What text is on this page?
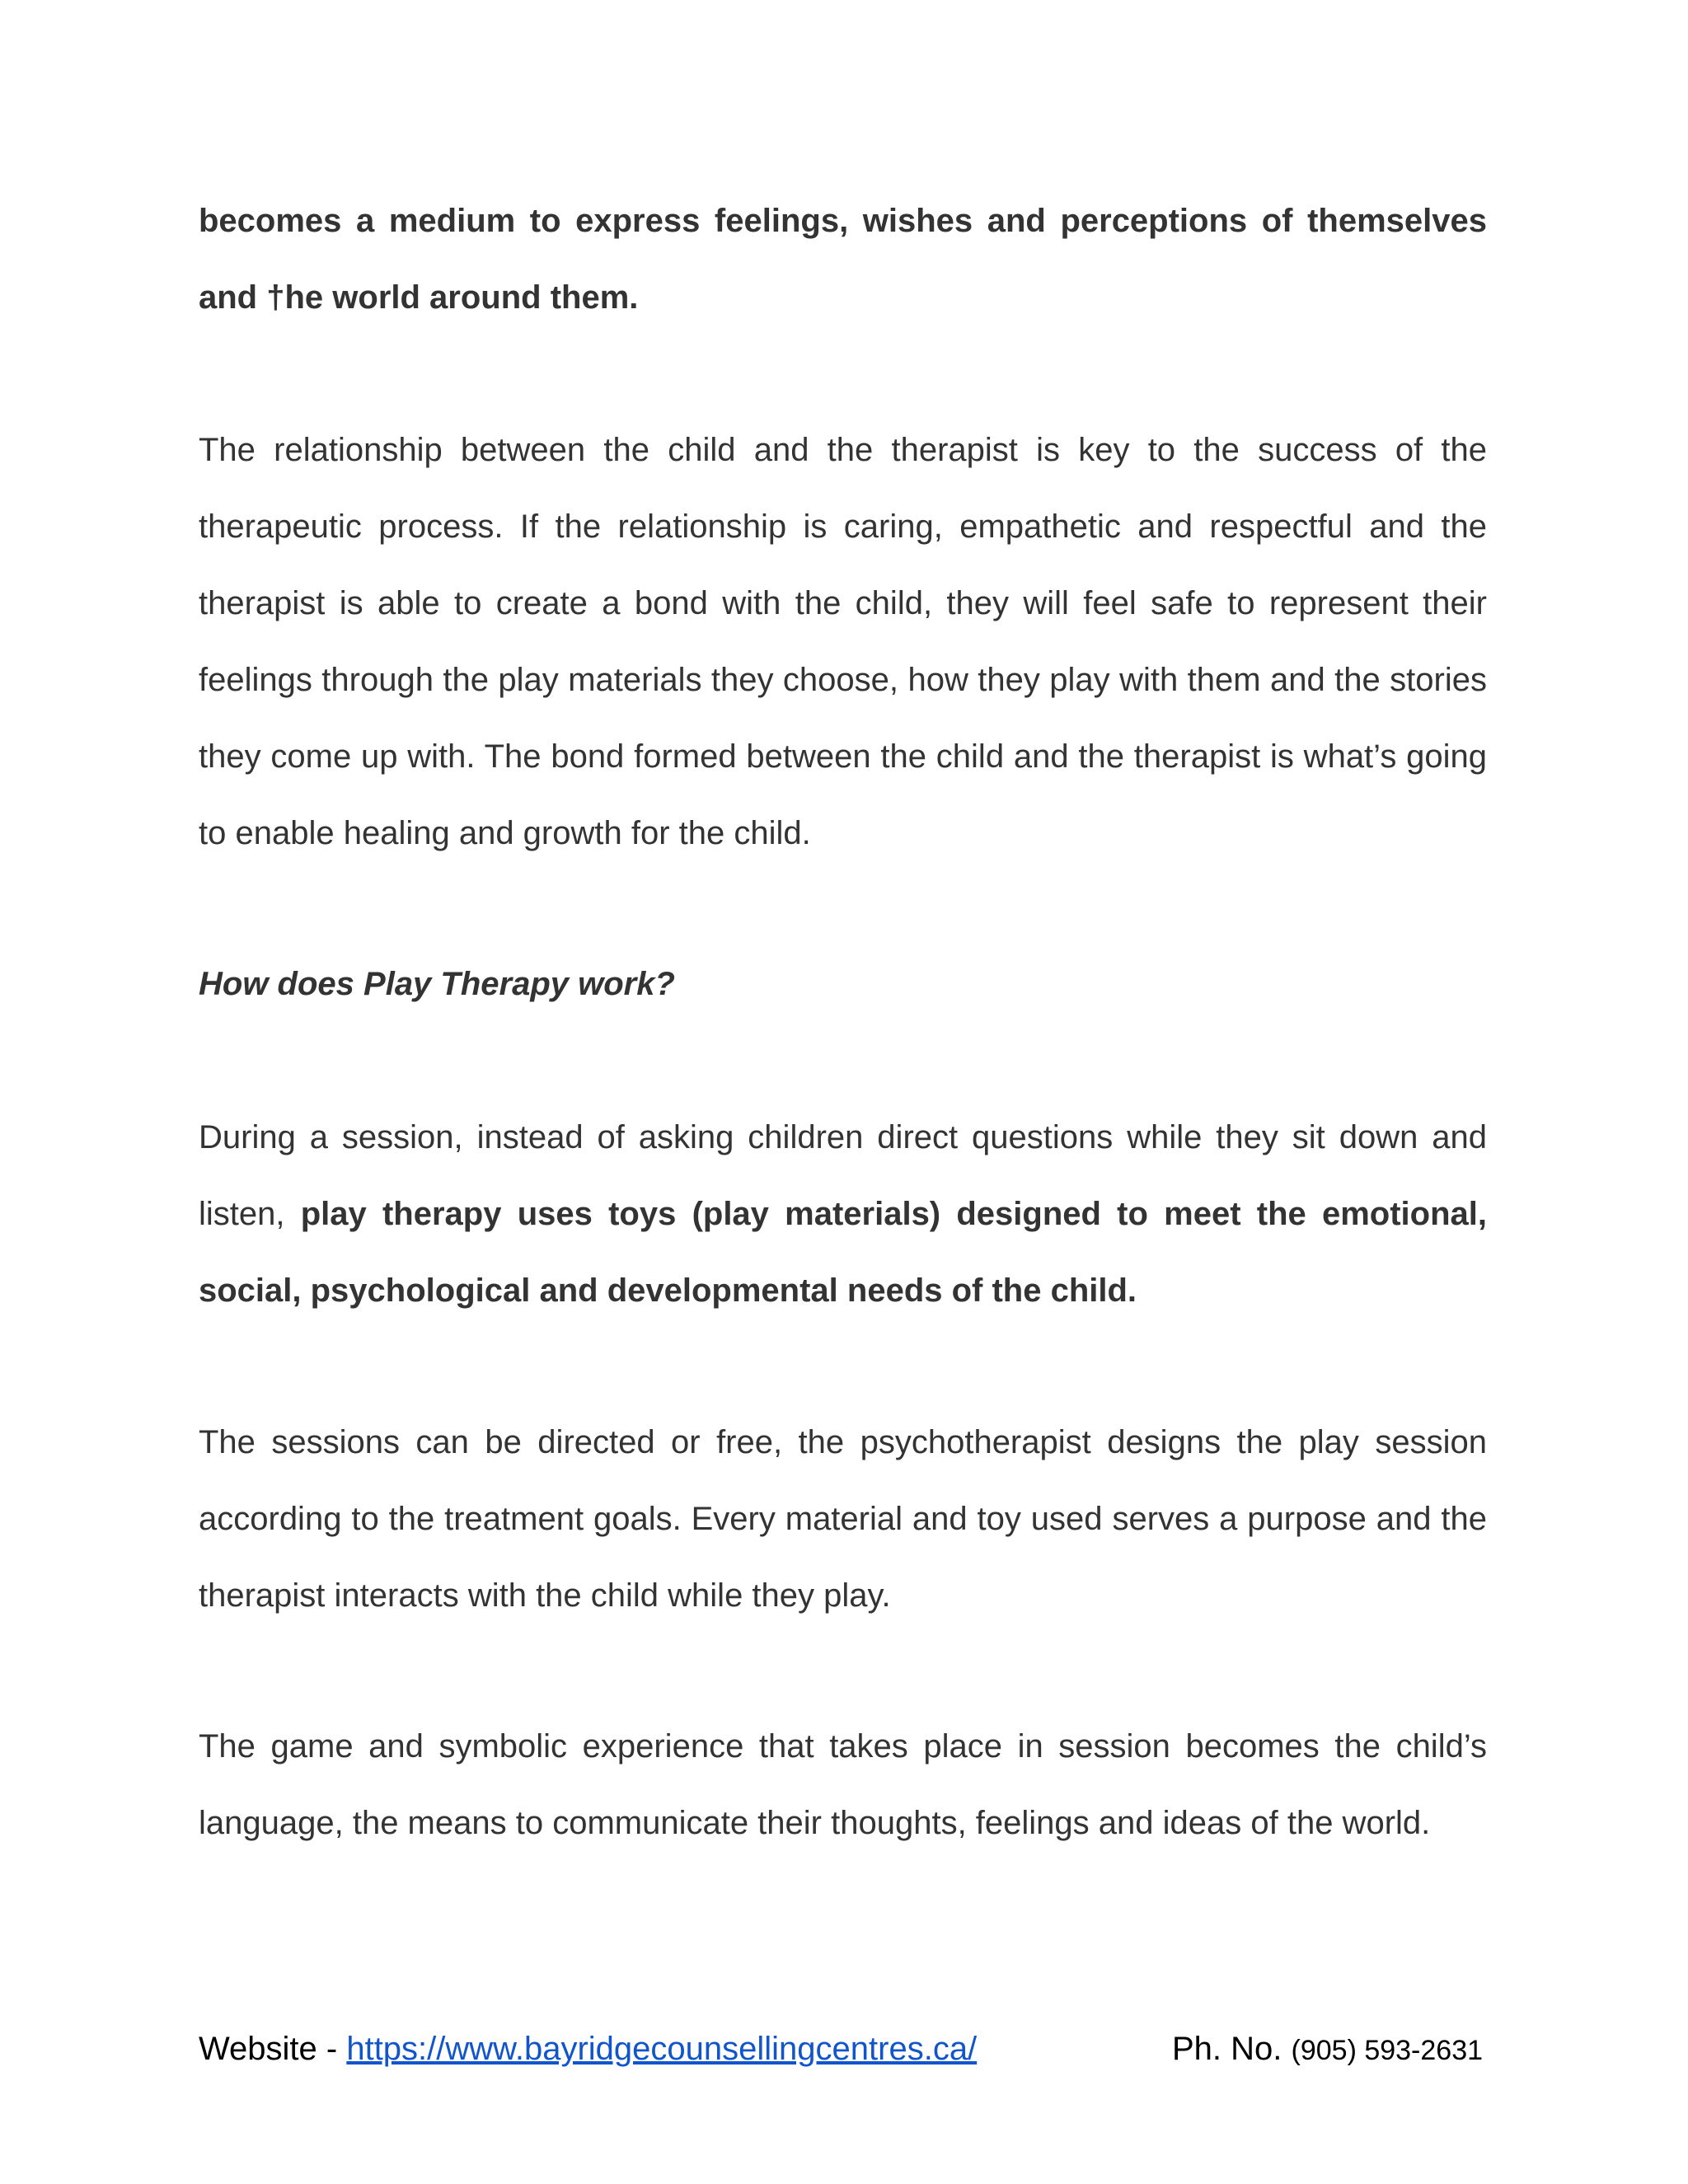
becomes a medium to express feelings, wishes and perceptions of themselves and †he world around them.

The relationship between the child and the therapist is key to the success of the therapeutic process. If the relationship is caring, empathetic and respectful and the therapist is able to create a bond with the child, they will feel safe to represent their feelings through the play materials they choose, how they play with them and the stories they come up with. The bond formed between the child and the therapist is what’s going to enable healing and growth for the child.

How does Play Therapy work?

During a session, instead of asking children direct questions while they sit down and listen, play therapy uses toys (play materials) designed to meet the emotional, social, psychological and developmental needs of the child.

The sessions can be directed or free, the psychotherapist designs the play session according to the treatment goals. Every material and toy used serves a purpose and the therapist interacts with the child while they play.

The game and symbolic experience that takes place in session becomes the child’s language, the means to communicate their thoughts, feelings and ideas of the world.

Website - https://www.bayridgecounsellingcentres.ca/	Ph. No. (905) 593-2631
